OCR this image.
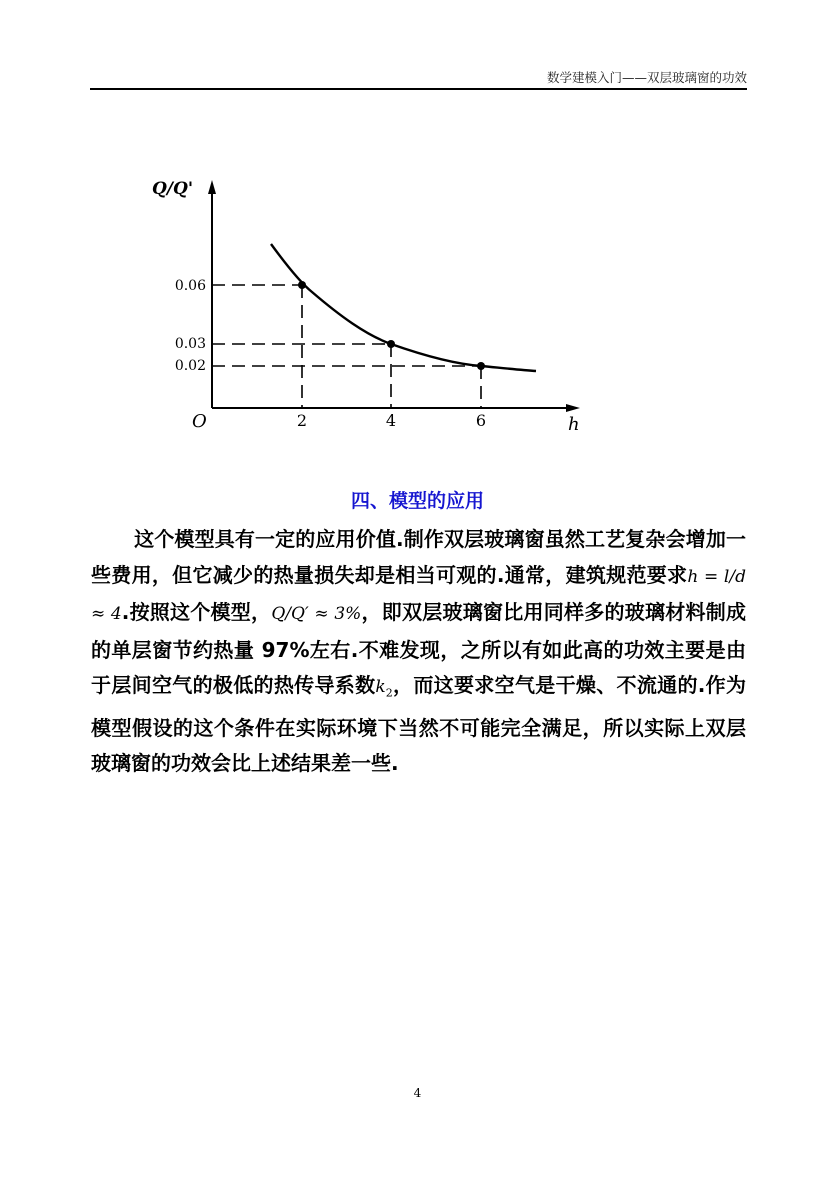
数学建模入门——双层玻璃窗的功效
Q/Q'
h
O
0.06
0.03
0.02
2	4	6
四、模型的应用
这个模型具有一定的应用价值.制作双层玻璃窗虽然工艺复杂会增加一些费用，但它减少的热量损失却是相当可观的.通常，建筑规范要求h = l/d ≈ 4.按照这个模型，Q/Q′ ≈ 3%，即双层玻璃窗比用同样多的玻璃材料制成的单层窗节约热量 97%左右.不难发现，之所以有如此高的功效主要是由于层间空气的极低的热传导系数$k_2$，而这要求空气是干燥、不流通的.作为模型假设的这个条件在实际环境下当然不可能完全满足，所以实际上双层玻璃窗的功效会比上述结果差一些.
4
